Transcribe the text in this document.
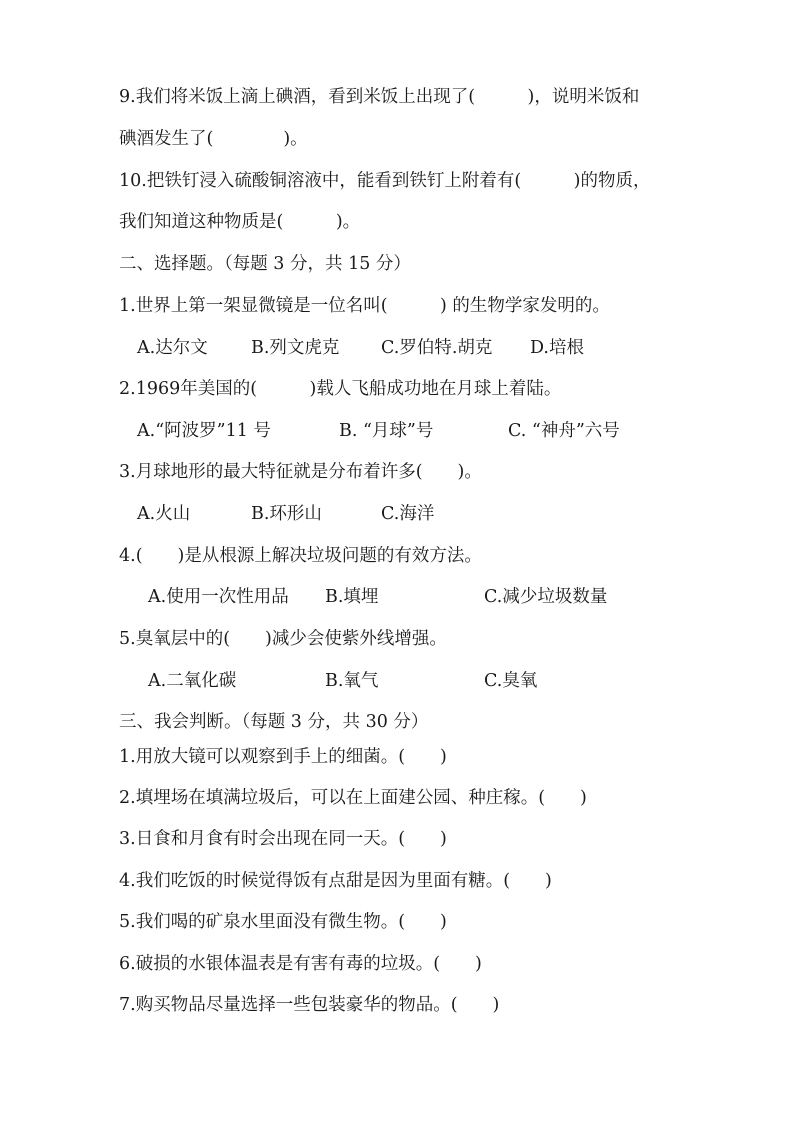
9.我们将米饭上滴上碘酒，看到米饭上出现了(　　　)，说明米饭和
碘酒发生了(　　　　)。
10.把铁钉浸入硫酸铜溶液中，能看到铁钉上附着有(　　　)的物质，
我们知道这种物质是(　　　)。
二、选择题。（每题 3 分，共 15 分）
1.世界上第一架显微镜是一位名叫(　　　) 的生物学家发明的。
A.达尔文 B.列文虎克 C.罗伯特.胡克 D.培根
2.1969年美国的(　　　)载人飞船成功地在月球上着陆。
A.“阿波罗”11 号	B. “月球”号	C. “神舟”六号
3.月球地形的最大特征就是分布着许多(　　)。
A.火山	B.环形山	C.海洋
4.(　　)是从根源上解决垃圾问题的有效方法。
A.使用一次性用品 B.填埋	C.减少垃圾数量
5.臭氧层中的(　　)减少会使紫外线增强。
A.二氧化碳	B.氧气	C.臭氧
三、我会判断。（每题 3 分，共 30 分）
1.用放大镜可以观察到手上的细菌。(　　)
2.填埋场在填满垃圾后，可以在上面建公园、种庄稼。(　　)
3.日食和月食有时会出现在同一天。(　　)
4.我们吃饭的时候觉得饭有点甜是因为里面有糖。(　　)
5.我们喝的矿泉水里面没有微生物。(　　)
6.破损的水银体温表是有害有毒的垃圾。(　　)
7.购买物品尽量选择一些包装豪华的物品。(　　)
